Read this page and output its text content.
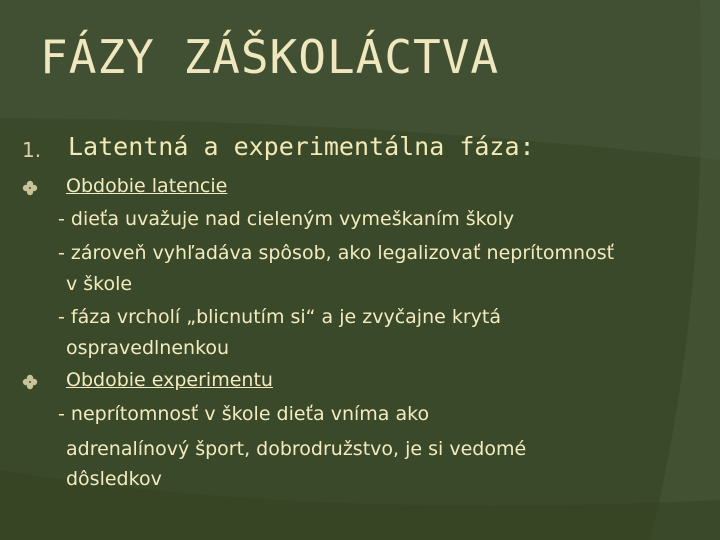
FÁZY ZÁŠKOLÁCTVA
1. Latentná a experimentálna fáza:
Obdobie latencie
- dieťa uvažuje nad cieleným vymeškaním školy
- zároveň vyhľadáva spôsob, ako legalizovať neprítomnosť
v škole
- fáza vrcholí „blicnutím si“ a je zvyčajne krytá
ospravedlnenkou
Obdobie experimentu
- neprítomnosť v škole dieťa vníma ako
adrenalínový šport, dobrodružstvo, je si vedomé
dôsledkov
